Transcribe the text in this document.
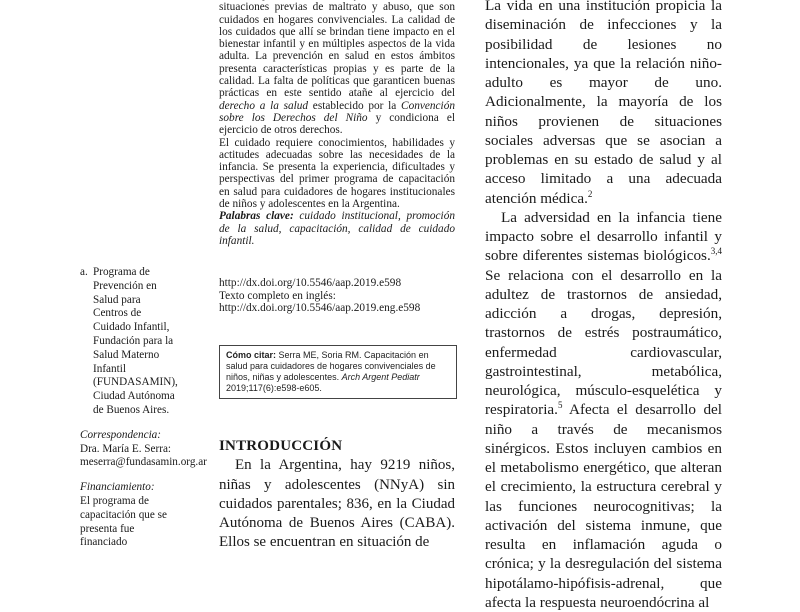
a. Programa de Prevención en Salud para Centros de Cuidado Infantil, Fundación para la Salud Materno Infantil (FUNDASAMIN), Ciudad Autónoma de Buenos Aires.
Correspondencia:
Dra. María E. Serra: meserra@fundasamin.org.ar
Financiamiento:
El programa de capacitación que se presenta fue financiado

situaciones previas de maltrato y abuso, que son cuidados en hogares convivenciales. La calidad de los cuidados que allí se brindan tiene impacto en el bienestar infantil y en múltiples aspectos de la vida adulta. La prevención en salud en estos ámbitos presenta características propias y es parte de la calidad. La falta de políticas que garanticen buenas prácticas en este sentido atañe al ejercicio del derecho a la salud establecido por la Convención sobre los Derechos del Niño y condiciona el ejercicio de otros derechos.

El cuidado requiere conocimientos, habilidades y actitudes adecuadas sobre las necesidades de la infancia. Se presenta la experiencia, dificultades y perspectivas del primer programa de capacitación en salud para cuidadores de hogares institucionales de niños y adolescentes en la Argentina.

Palabras clave: cuidado institucional, promoción de la salud, capacitación, calidad de cuidado infantil.

http://dx.doi.org/10.5546/aap.2019.e598
Texto completo en inglés:
http://dx.doi.org/10.5546/aap.2019.eng.e598
Cómo citar: Serra ME, Soria RM. Capacitación en salud para cuidadores de hogares convivenciales de niños, niñas y adolescentes. Arch Argent Pediatr 2019;117(6):e598-e605.
INTRODUCCIÓN

En la Argentina, hay 9219 niños, niñas y adolescentes (NNyA) sin cuidados parentales; 836, en la Ciudad Autónoma de Buenos Aires (CABA). Ellos se encuentran en situación de

La vida en una institución propicia la diseminación de infecciones y la posibilidad de lesiones no intencionales, ya que la relación niño-adulto es mayor de uno. Adicionalmente, la mayoría de los niños provienen de situaciones sociales adversas que se asocian a problemas en su estado de salud y al acceso limitado a una adecuada atención médica.$^2$

La adversidad en la infancia tiene impacto sobre el desarrollo infantil y sobre diferentes sistemas biológicos.$^{3,4}$ Se relaciona con el desarrollo en la adultez de trastornos de ansiedad, adicción a drogas, depresión, trastornos de estrés postraumático, enfermedad cardiovascular, gastrointestinal, metabólica, neurológica, músculo-esquelética y respiratoria.$^5$ Afecta el desarrollo del niño a través de mecanismos sinérgicos. Estos incluyen cambios en el metabolismo energético, que alteran el crecimiento, la estructura cerebral y las funciones neurocognitivas; la activación del sistema inmune, que resulta en inflamación aguda o crónica; y la desregulación del sistema hipotálamo-hipófisis-adrenal, que afecta la respuesta neuroendócrina al
